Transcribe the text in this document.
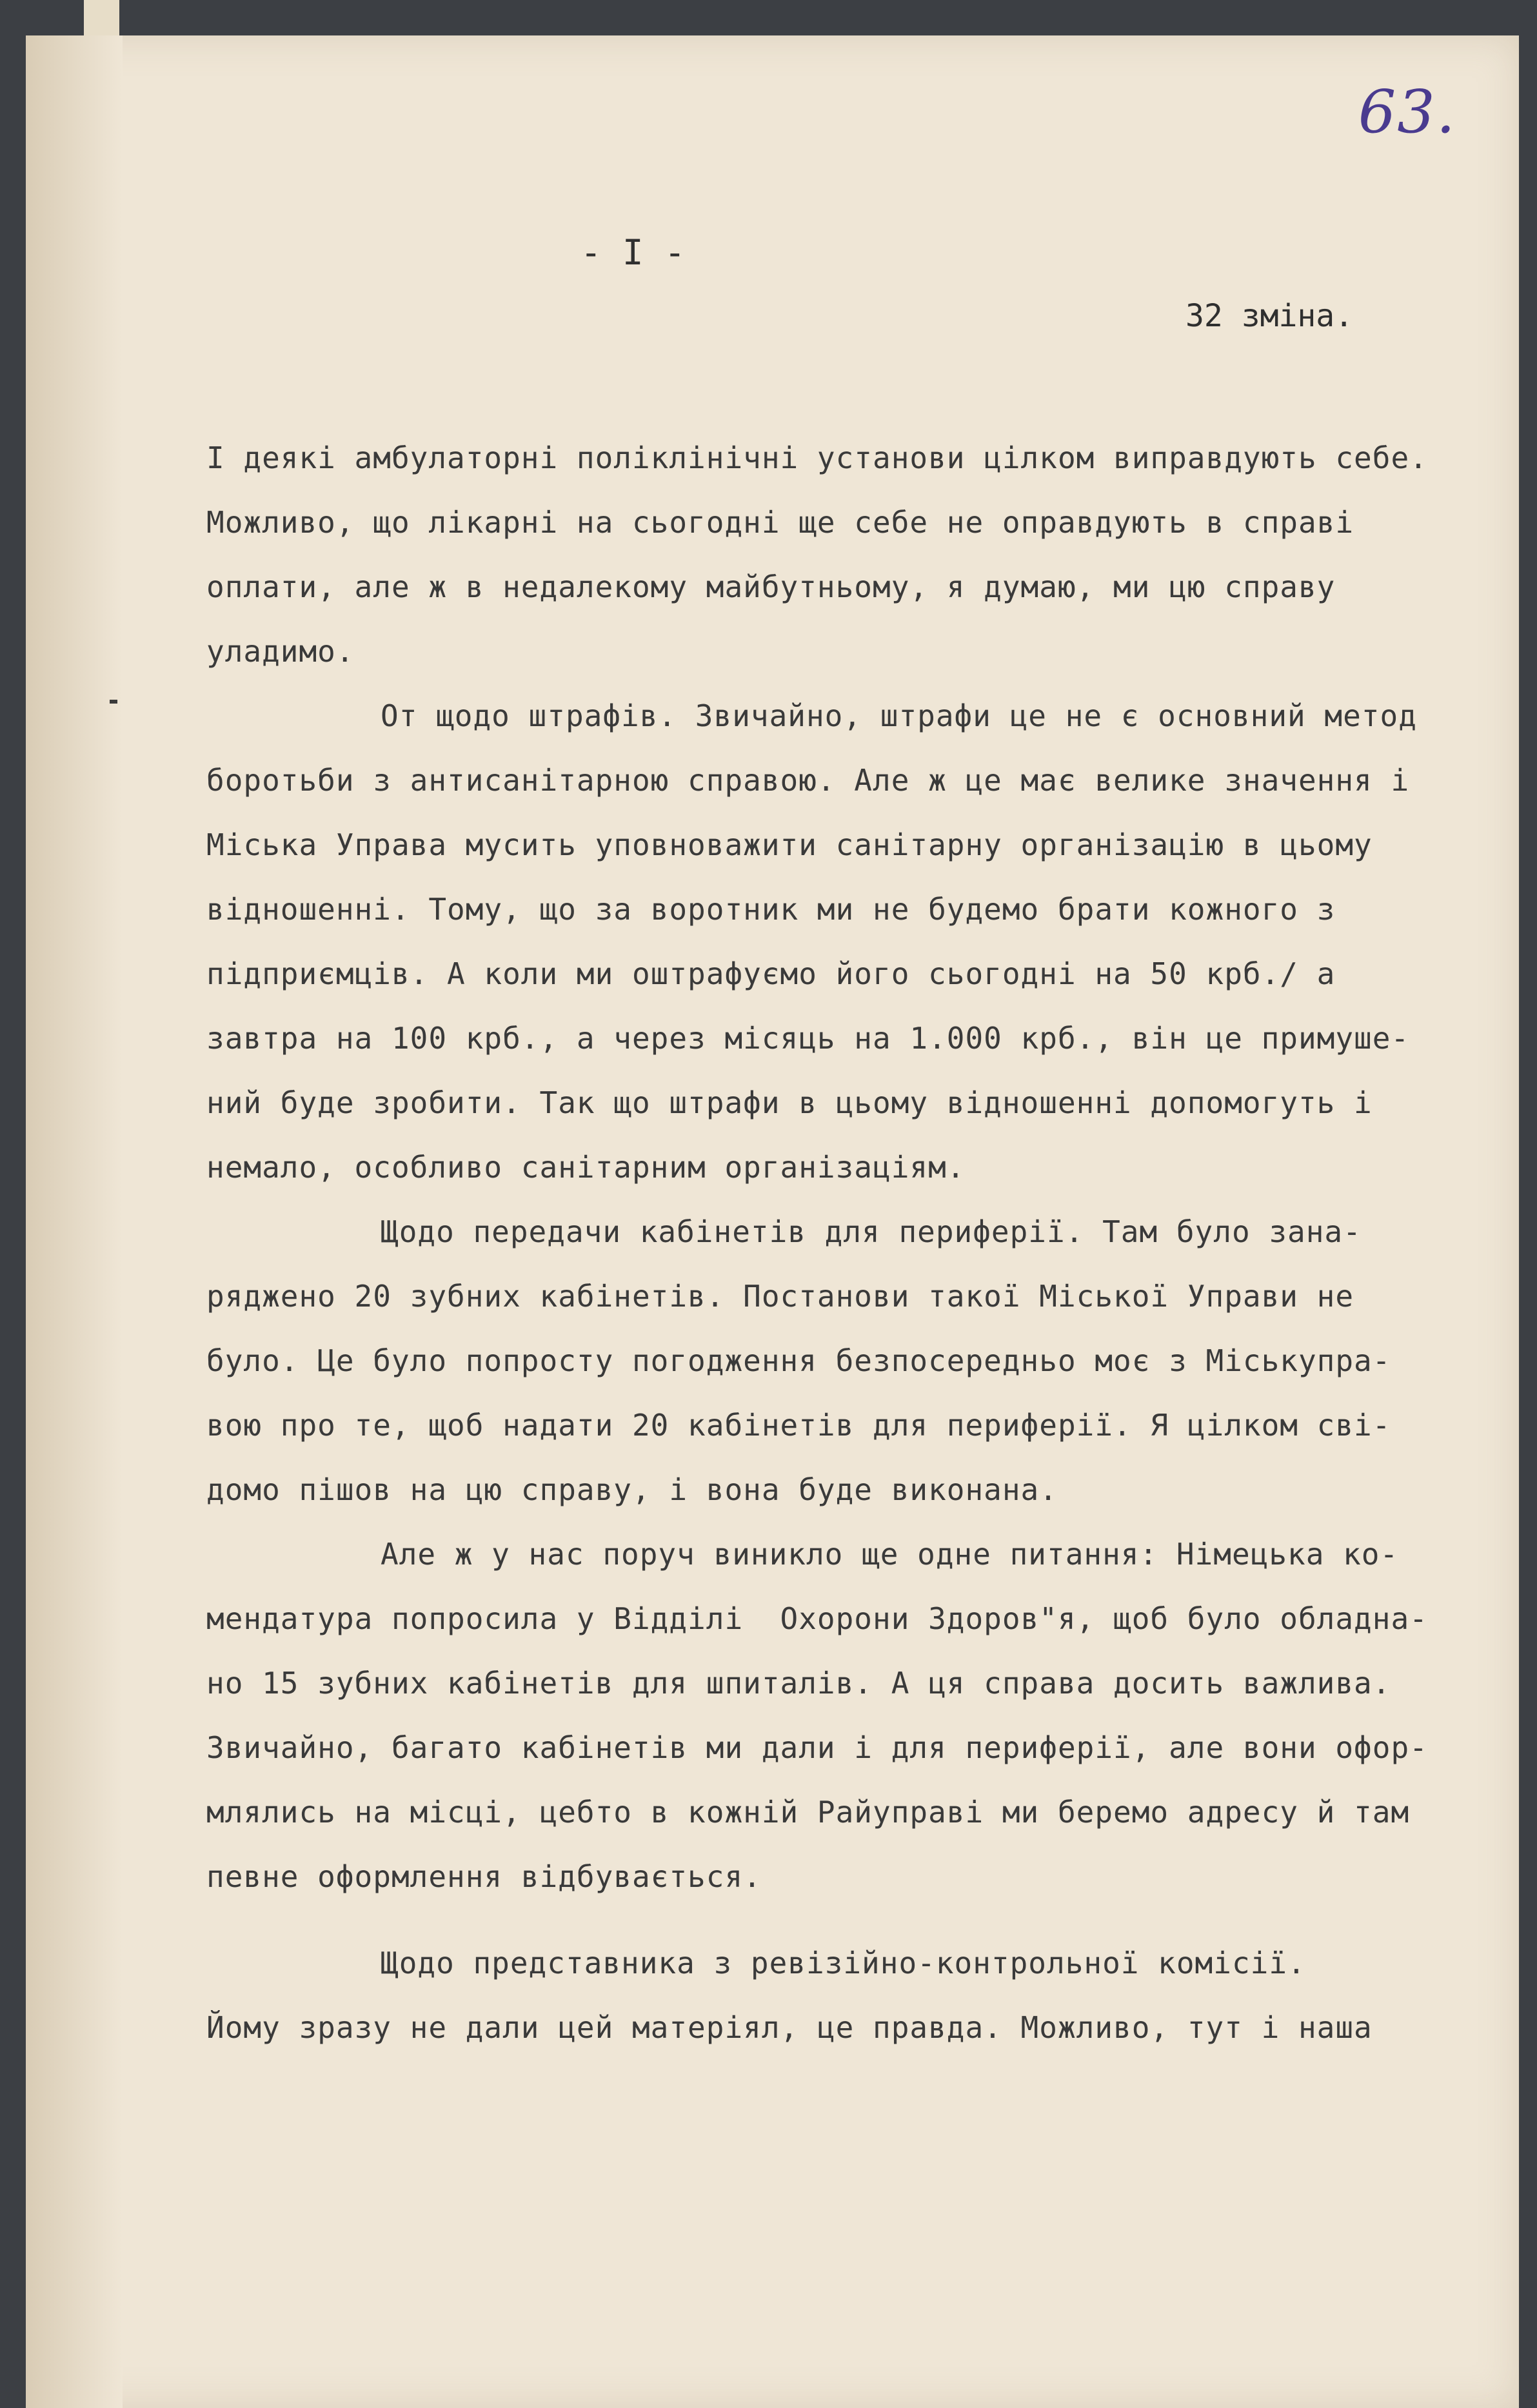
63.
- I -
32 зміна.
І деякі амбулаторні поліклінічні установи цілком виправдують себе.
Можливо, що лікарні на сьогодні ще себе не оправдують в справі
оплати, але ж в недалекому майбутньому, я думаю, ми цю справу
уладимо.
От щодо штрафів. Звичайно, штрафи це не є основний метод
боротьби з антисанітарною справою. Але ж це має велике значення і
Міська Управа мусить уповноважити санітарну організацію в цьому
відношенні. Тому, що за воротник ми не будемо брати кожного з
підприємців. А коли ми оштрафуємо його сьогодні на 50 крб./ а
завтра на 100 крб., а через місяць на 1.000 крб., він це примуше-
ний буде зробити. Так що штрафи в цьому відношенні допомогуть і
немало, особливо санітарним організаціям.
Щодо передачи кабінетів для периферії. Там було зана-
ряджено 20 зубних кабінетів. Постанови такої Міської Управи не
було. Це було попросту погодження безпосередньо моє з Міськупра-
вою про те, щоб надати 20 кабінетів для периферії. Я цілком сві-
домо пішов на цю справу, і вона буде виконана.
Але ж у нас поруч виникло ще одне питання: Німецька ко-
мендатура попросила у Відділі  Охорони Здоров"я, щоб було обладна-
но 15 зубних кабінетів для шпиталів. А ця справа досить важлива.
Звичайно, багато кабінетів ми дали і для периферії, але вони офор-
млялись на місці, цебто в кожній Райуправі ми беремо адресу й там
певне оформлення відбувається.
Щодо представника з ревізійно-контрольної комісії.
Йому зразу не дали цей матеріял, це правда. Можливо, тут і наша
